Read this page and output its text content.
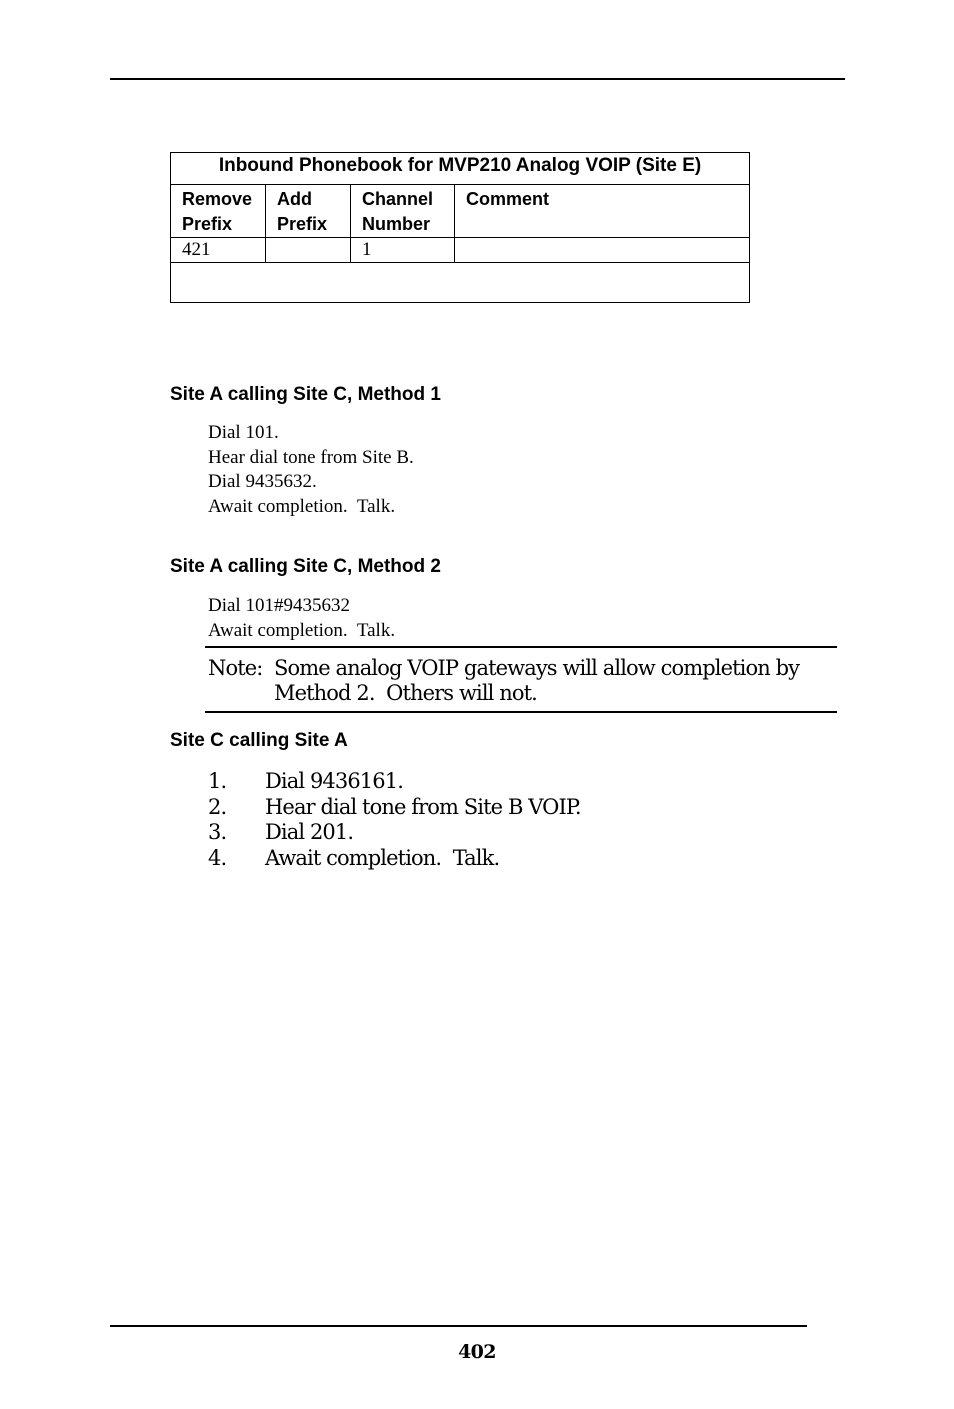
Inbound Phonebook for MVP210 Analog VOIP (Site E)			
Remove Prefix	Add Prefix	Channel Number	Comment
421		1	

Site A calling Site C, Method 1
Dial 101.
Hear dial tone from Site B.
Dial 9435632.
Await completion.  Talk.
Site A calling Site C, Method 2
Dial 101#9435632
Await completion.  Talk.
Note:  Some analog VOIP gateways will allow completion by
Method 2.  Others will not.
Site C calling Site A
1.	Dial 9436161.
2.	Hear dial tone from Site B VOIP.
3.	Dial 201.
4.	Await completion.  Talk.
402
